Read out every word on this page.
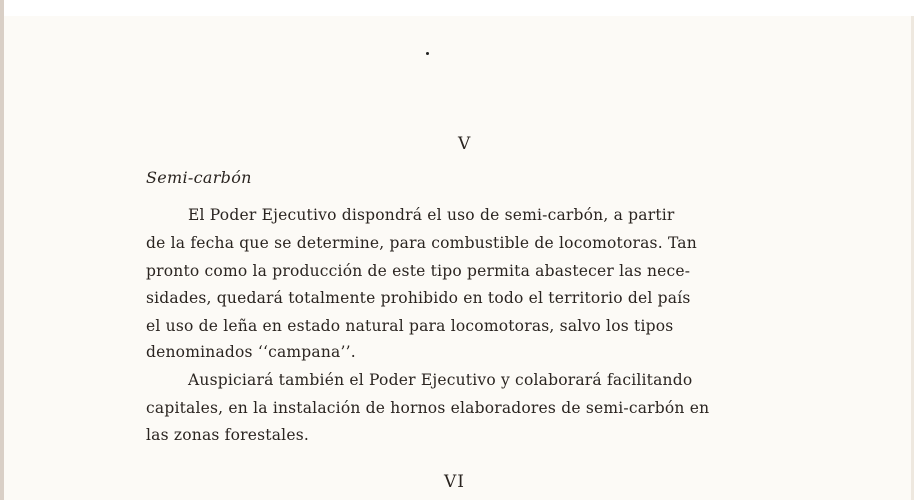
V
Semi-carbón
El Poder Ejecutivo dispondrá el uso de semi-carbón, a partir
de la fecha que se determine, para combustible de locomotoras. Tan
pronto como la producción de este tipo permita abastecer las nece-
sidades, quedará totalmente prohibido en todo el territorio del país
el uso de leña en estado natural para locomotoras, salvo los tipos
denominados ‘‘campana’’.
Auspiciará también el Poder Ejecutivo y colaborará facilitando
capitales, en la instalación de hornos elaboradores de semi-carbón en
las zonas forestales.
VI
